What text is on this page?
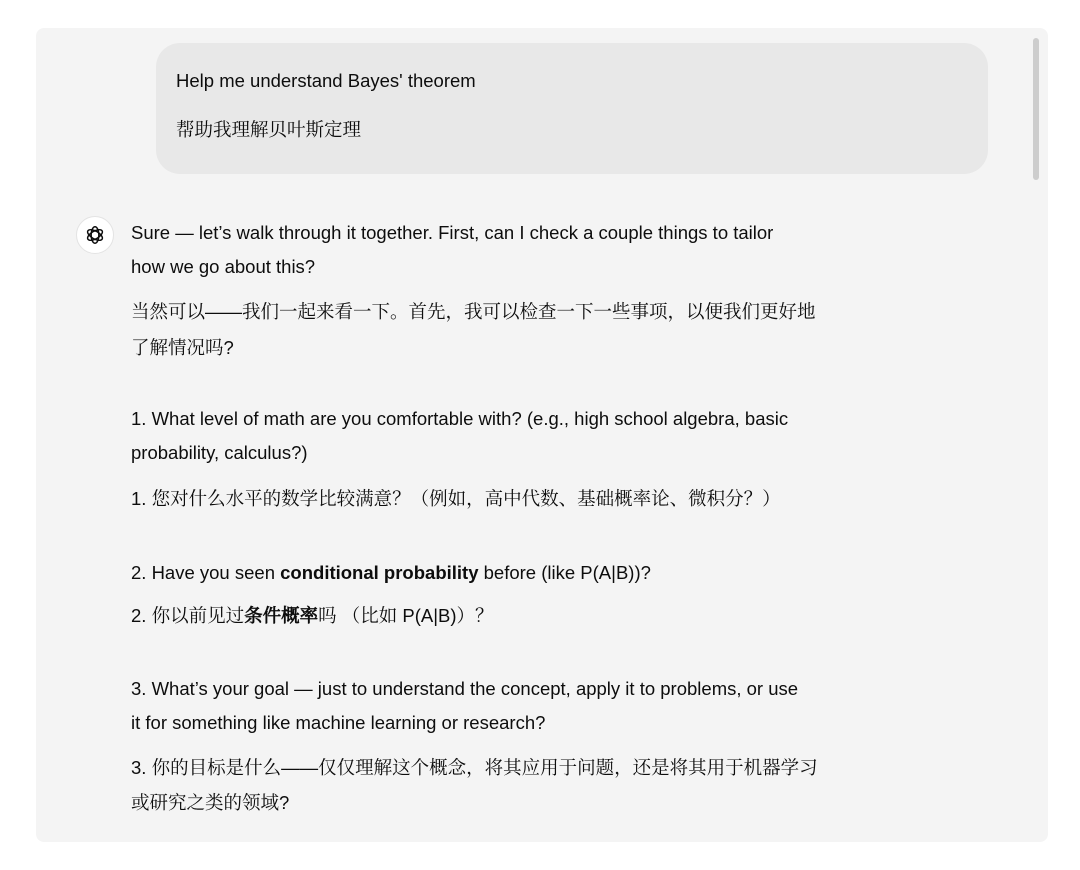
Help me understand Bayes' theorem
帮助我理解贝叶斯定理
Sure — let’s walk through it together. First, can I check a couple things to tailor
how we go about this?
当然可以——我们一起来看一下。首先，我可以检查一下一些事项，以便我们更好地
了解情况吗?
1. What level of math are you comfortable with? (e.g., high school algebra, basic
probability, calculus?)
1. 您对什么水平的数学比较满意？（例如，高中代数、基础概率论、微积分？）
2. Have you seen conditional probability before (like P(A|B))?
2. 你以前见过条件概率吗 （比如 P(A|B)）？
3. What’s your goal — just to understand the concept, apply it to problems, or use
it for something like machine learning or research?
3. 你的目标是什么——仅仅理解这个概念，将其应用于问题，还是将其用于机器学习
或研究之类的领域?
